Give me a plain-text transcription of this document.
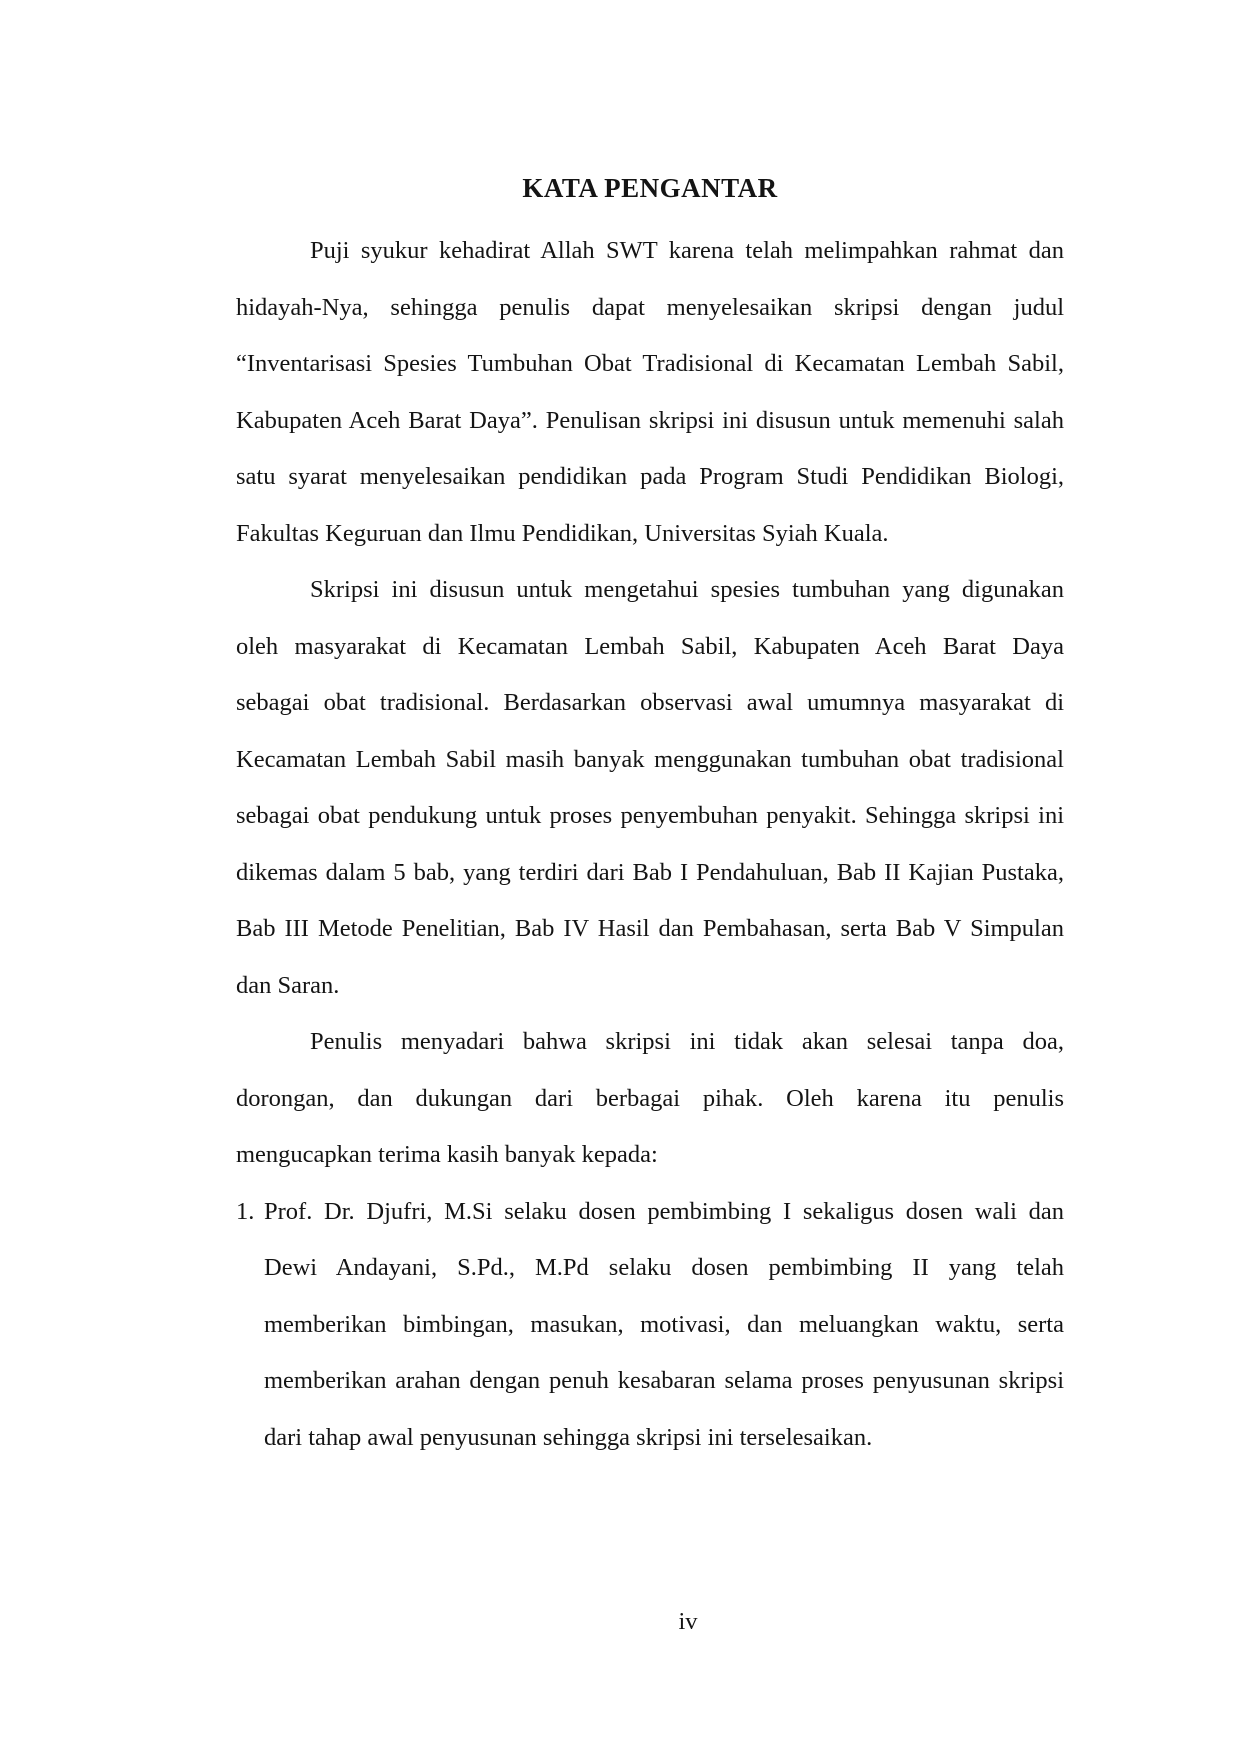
KATA PENGANTAR
Puji syukur kehadirat Allah SWT karena telah melimpahkan rahmat dan
hidayah-Nya, sehingga penulis dapat menyelesaikan skripsi dengan judul
“Inventarisasi Spesies Tumbuhan Obat Tradisional di Kecamatan Lembah Sabil,
Kabupaten Aceh Barat Daya”. Penulisan skripsi ini disusun untuk memenuhi salah
satu syarat menyelesaikan pendidikan pada Program Studi Pendidikan Biologi,
Fakultas Keguruan dan Ilmu Pendidikan, Universitas Syiah Kuala.
Skripsi ini disusun untuk mengetahui spesies tumbuhan yang digunakan
oleh masyarakat di Kecamatan Lembah Sabil, Kabupaten Aceh Barat Daya
sebagai obat tradisional. Berdasarkan observasi awal umumnya masyarakat di
Kecamatan Lembah Sabil masih banyak menggunakan tumbuhan obat tradisional
sebagai obat pendukung untuk proses penyembuhan penyakit. Sehingga skripsi ini
dikemas dalam 5 bab, yang terdiri dari Bab I Pendahuluan, Bab II Kajian Pustaka,
Bab III Metode Penelitian, Bab IV Hasil dan Pembahasan, serta Bab V Simpulan
dan Saran.
Penulis menyadari bahwa skripsi ini tidak akan selesai tanpa doa,
dorongan, dan dukungan dari berbagai pihak. Oleh karena itu penulis
mengucapkan terima kasih banyak kepada:
1. Prof. Dr. Djufri, M.Si selaku dosen pembimbing I sekaligus dosen wali dan
Dewi Andayani, S.Pd., M.Pd selaku dosen pembimbing II yang telah
memberikan bimbingan, masukan, motivasi, dan meluangkan waktu, serta
memberikan arahan dengan penuh kesabaran selama proses penyusunan skripsi
dari tahap awal penyusunan sehingga skripsi ini terselesaikan.
iv
